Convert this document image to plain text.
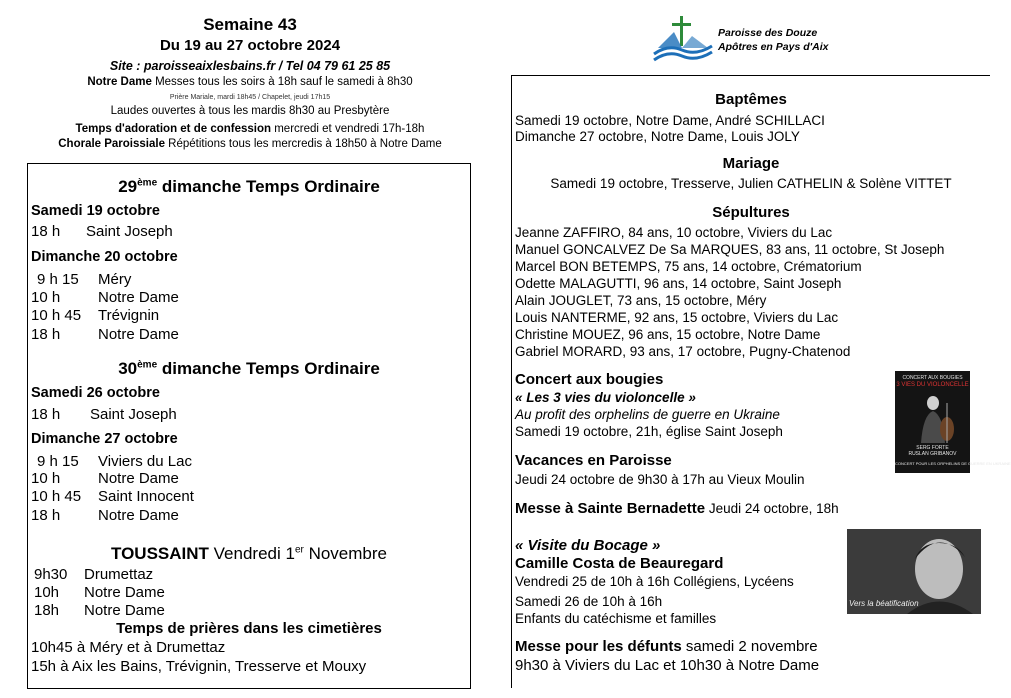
Semaine 43
Du 19 au 27 octobre 2024
Site : paroisseaixlesbains.fr / Tel 04 79 61 25 85
Notre Dame Messes tous les soirs à 18h sauf le samedi à 8h30
Prière Mariale, mardi 18h45 / Chapelet, jeudi 17h15
Laudes ouvertes à tous les mardis 8h30 au Presbytère
Temps d'adoration et de confession mercredi et vendredi 17h-18h
Chorale Paroissiale Répétitions tous les mercredis à 18h50 à Notre Dame
Paroisse des Douze
Apôtres en Pays d'Aix
29ème dimanche Temps Ordinaire
Samedi 19 octobre
18 h Saint Joseph
Dimanche 20 octobre
9 h 15 Méry
10 h	Notre Dame
10 h 45 Trévignin
18 h	Notre Dame
30ème dimanche Temps Ordinaire
Samedi 26 octobre
18 h Saint Joseph
Dimanche 27 octobre
9 h 15 Viviers du Lac
10 h	Notre Dame
10 h 45 Saint Innocent
18 h	Notre Dame
TOUSSAINT Vendredi 1er Novembre
9h30 Drumettaz
10h Notre Dame
18h Notre Dame
Temps de prières dans les cimetières
10h45 à Méry et à Drumettaz
15h à Aix les Bains, Trévignin, Tresserve et Mouxy
Baptêmes
Samedi 19 octobre, Notre Dame, André SCHILLACI
Dimanche 27 octobre, Notre Dame, Louis JOLY
Mariage
Samedi 19 octobre, Tresserve, Julien CATHELIN & Solène VITTET
Sépultures
Jeanne ZAFFIRO, 84 ans, 10 octobre, Viviers du Lac
Manuel GONCALVEZ De Sa MARQUES, 83 ans, 11 octobre, St Joseph
Marcel BON BETEMPS, 75 ans, 14 octobre, Crématorium
Odette MALAGUTTI, 96 ans, 14 octobre, Saint Joseph
Alain JOUGLET, 73 ans, 15 octobre, Méry
Louis NANTERME, 92 ans, 15 octobre, Viviers du Lac
Christine MOUEZ, 96 ans, 15 octobre, Notre Dame
Gabriel MORARD, 93 ans, 17 octobre, Pugny-Chatenod
Concert aux bougies
« Les 3 vies du violoncelle »
Au profit des orphelins de guerre en Ukraine
Samedi 19 octobre, 21h, église Saint Joseph
Vacances en Paroisse
Jeudi 24 octobre de 9h30 à 17h au Vieux Moulin
Messe à Sainte Bernadette Jeudi 24 octobre, 18h
« Visite du Bocage »
Camille Costa de Beauregard
Vendredi 25 de 10h à 16h Collégiens, Lycéens
Samedi 26 de 10h à 16h
Enfants du catéchisme et familles
Messe pour les défunts samedi 2 novembre
9h30 à Viviers du Lac et 10h30 à Notre Dame
CONCERT AUX BOUGIES
3 VIES DU VIOLONCELLE
SERG FORTE
RUSLAN GRIBANOV
CONCERT POUR LES ORPHELINS DE GUERRE EN UKRAINE
Vers la béatification
